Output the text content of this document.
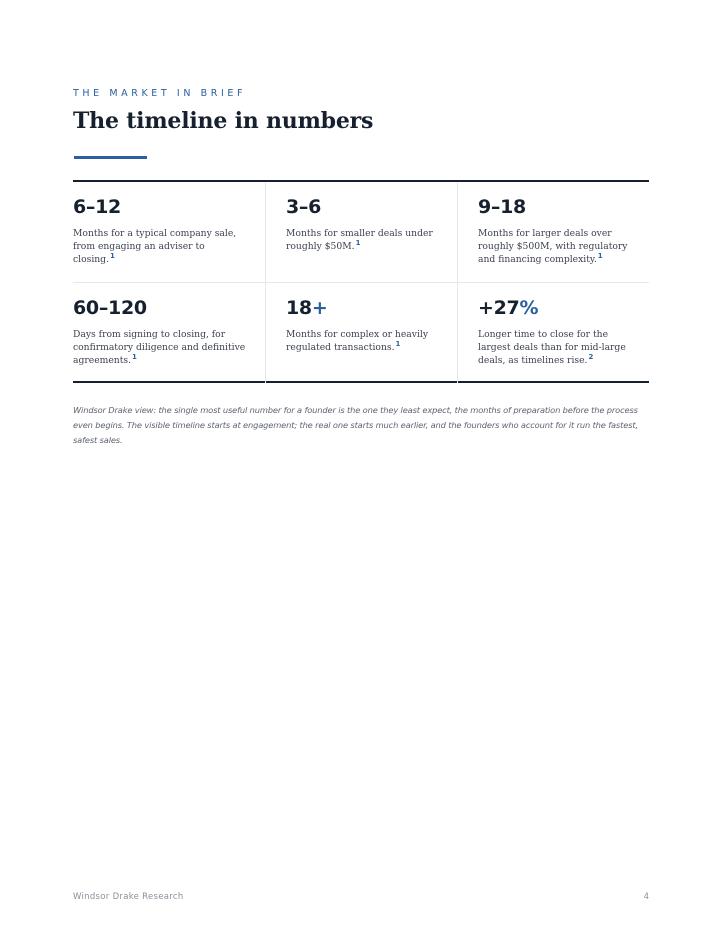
THE MARKET IN BRIEF
The timeline in numbers
6–12
Months for a typical company sale, from engaging an adviser to closing.$^1$
3–6
Months for smaller deals under roughly $50M.$^1$
9–18
Months for larger deals over roughly $500M, with regulatory and financing complexity.$^1$
60–120
Days from signing to closing, for confirmatory diligence and definitive agreements.$^1$
18+
Months for complex or heavily regulated transactions.$^1$
+27%
Longer time to close for the largest deals than for mid-large deals, as timelines rise.$^2$

Windsor Drake view: the single most useful number for a founder is the one they least expect, the months of preparation before the process even begins. The visible timeline starts at engagement; the real one starts much earlier, and the founders who account for it run the fastest, safest sales.

Windsor Drake Research	4
